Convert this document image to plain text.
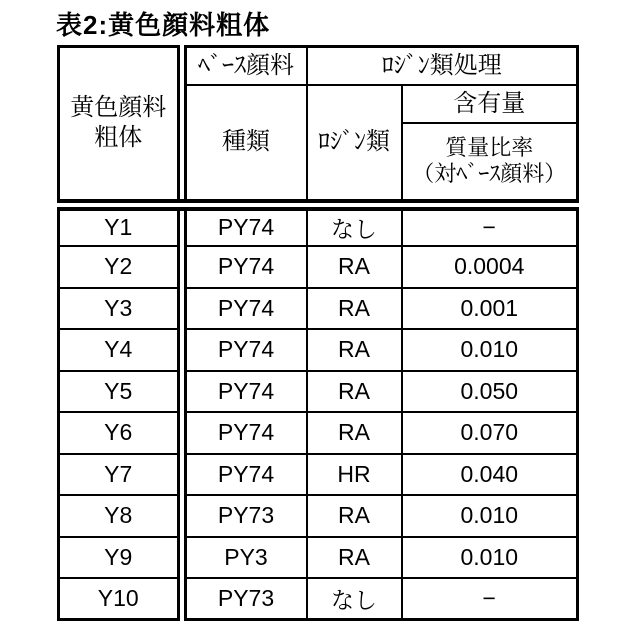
表2:黄色顔料粗体
黄色顔料
粗体	ﾍﾞｰｽ顔料	ﾛｼﾞﾝ類処理	
	種類	ﾛｼﾞﾝ類	含有量
			質量比率
（対ﾍﾞｰｽ顔料）
Y1	PY74	なし	−
Y2	PY74	RA	0.0004
Y3	PY74	RA	0.001
Y4	PY74	RA	0.010
Y5	PY74	RA	0.050
Y6	PY74	RA	0.070
Y7	PY74	HR	0.040
Y8	PY73	RA	0.010
Y9	PY3	RA	0.010
Y10	PY73	なし	−
